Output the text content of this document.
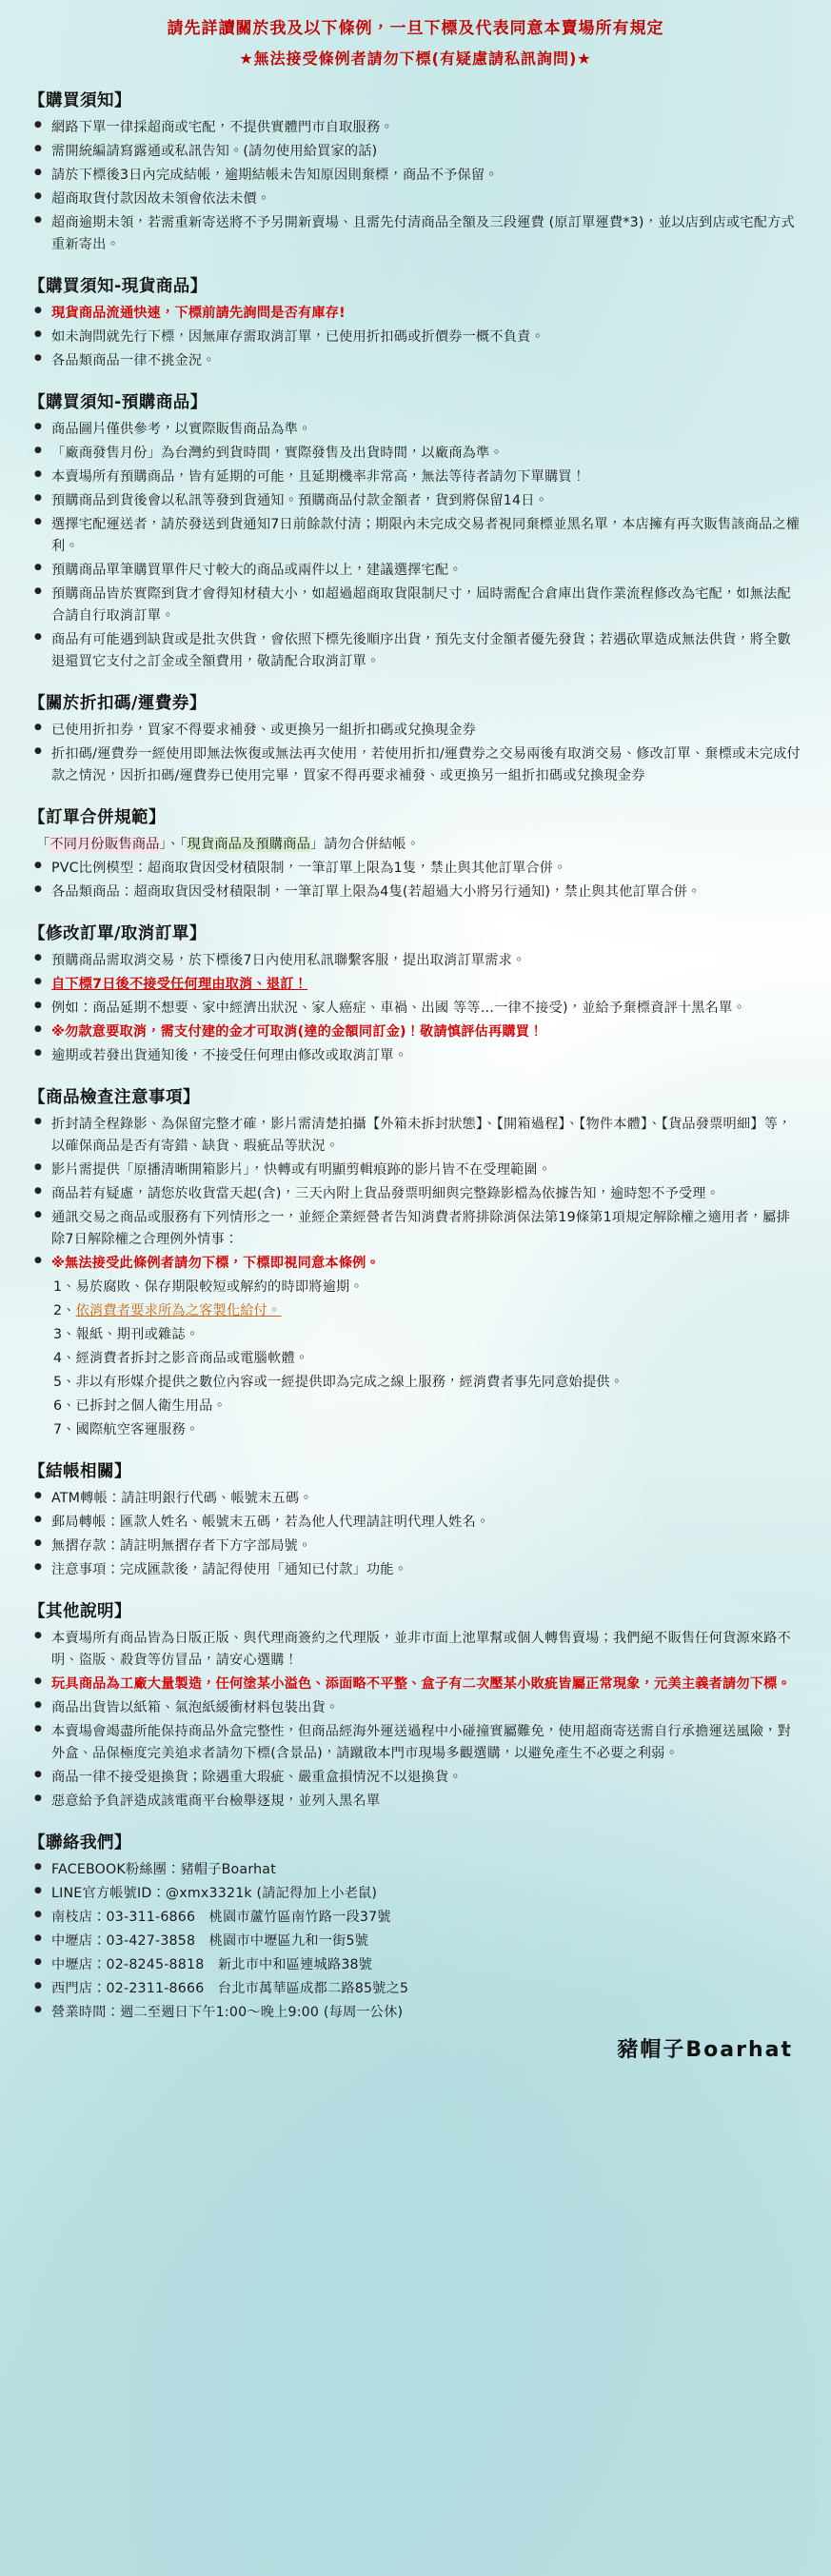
請先詳讀關於我及以下條例，一旦下標及代表同意本賣場所有規定
★無法接受條例者請勿下標(有疑慮請私訊詢問)★
【購買須知】
● 網路下單一律採超商或宅配，不提供實體門市自取服務。
● 需開統編請寫露通或私訊告知。(請勿使用給買家的話)
● 請於下標後3日內完成結帳，逾期結帳未告知原因則棄標，商品不予保留。
● 超商取貨付款因故未領會依法未價。
● 超商逾期未領，若需重新寄送將不予另開新賣場、且需先付清商品全額及三段運費 (原訂單運費*3)，並以店到店或宅配方式重新寄出。
【購買須知-現貨商品】
● 現貨商品流通快速，下標前請先詢問是否有庫存!
● 如未詢問就先行下標，因無庫存需取消訂單，已使用折扣碼或折價券一概不負責。
● 各品類商品一律不挑金況。
【購買須知-預購商品】
● 商品圖片僅供參考，以實際販售商品為準。
● 「廠商發售月份」為台灣約到貨時間，實際發售及出貨時間，以廠商為準。
● 本賣場所有預購商品，皆有延期的可能，且延期機率非常高，無法等待者請勿下單購買！
● 預購商品到貨後會以私訊等發到貨通知。預購商品付款金額者，貨到將保留14日。
● 選擇宅配運送者，請於發送到貨通知7日前餘款付清；期限內未完成交易者視同棄標並黑名單，本店擁有再次販售該商品之權利。
● 預購商品單筆購買單件尺寸較大的商品或兩件以上，建議選擇宅配。
● 預購商品皆於實際到貨才會得知材積大小，如超過超商取貨限制尺寸，屆時需配合倉庫出貨作業流程修改為宅配，如無法配合請自行取消訂單。
● 商品有可能遇到缺貨或是批次供貨，會依照下標先後順序出貨，預先支付金額者優先發貨；若遇砍單造成無法供貨，將全數退還買它支付之訂金或全額費用，敬請配合取消訂單。
【關於折扣碼/運費券】
● 已使用折扣券，買家不得要求補發、或更換另一組折扣碼或兌換現金券
● 折扣碼/運費券一經使用即無法恢復或無法再次使用，若使用折扣/運費券之交易兩後有取消交易、修改訂單、棄標或未完成付款之情況，因折扣碼/運費券已使用完畢，買家不得再要求補發、或更換另一組折扣碼或兌換現金券
【訂單合併規範】
「不同月份販售商品」、「現貨商品及預購商品」請勿合併結帳。
● PVC比例模型：超商取貨因受材積限制，一筆訂單上限為1隻，禁止與其他訂單合併。
● 各品類商品：超商取貨因受材積限制，一筆訂單上限為4隻(若超過大小將另行通知)，禁止與其他訂單合併。
【修改訂單/取消訂單】
● 預購商品需取消交易，於下標後7日內使用私訊聯繫客服，提出取消訂單需求。
● 自下標7日後不接受任何理由取消、退訂！
● 例如：商品延期不想要、家中經濟出狀況、家人癌症、車禍、出國 等等…一律不接受)，並給予棄標資評十黑名單。
● ※勿款意要取消，需支付建的金才可取消(達的金額同訂金)！敬請慎評估再購買！
● 逾期或若發出貨通知後，不接受任何理由修改或取消訂單。
【商品檢查注意事項】
● 折封請全程錄影、為保留完整才確，影片需清楚拍攝【外箱未拆封狀態】、【開箱過程】、【物件本體】、【貨品發票明細】等，以確保商品是否有寄錯、缺貨、瑕疵品等狀況。
● 影片需提供「原播清晰開箱影片」，快轉或有明顯剪輯痕跡的影片皆不在受理範圍。
● 商品若有疑慮，請您於收貨當天起(含)，三天內附上貨品發票明細與完整錄影檔為依據告知，逾時恕不予受理。
● 通訊交易之商品或服務有下列情形之一，並經企業經營者告知消費者將排除消保法第19條第1項規定解除權之適用者，屬排除7日解除權之合理例外情事：
● ※無法接受此條例者請勿下標，下標即視同意本條例。
1、易於腐敗、保存期限較短或解約的時即將逾期。
2、依消費者要求所為之客製化給付。
3、報紙、期刊或雜誌。
4、經消費者拆封之影音商品或電腦軟體。
5、非以有形媒介提供之數位內容或一經提供即為完成之線上服務，經消費者事先同意始提供。
6、已拆封之個人衛生用品。
7、國際航空客運服務。
【結帳相關】
● ATM轉帳：請註明銀行代碼、帳號末五碼。
● 郵局轉帳：匯款人姓名、帳號末五碼，若為他人代理請註明代理人姓名。
● 無摺存款：請註明無摺存者下方字部局號。
● 注意事項：完成匯款後，請記得使用「通知已付款」功能。
【其他說明】
● 本賣場所有商品皆為日版正版、與代理商簽約之代理版，並非市面上池單幫或個人轉售賣場；我們絕不販售任何貨源來路不明、盜版、殺貨等仿冒品，請安心選購！
● 玩具商品為工廠大量製造，任何塗某小溢色、添面略不平整、盒子有二次壓某小敗疵皆屬正常現象，元美主義者請勿下標。
● 商品出貨皆以紙箱、氣泡紙緩衝材料包裝出貨。
● 本賣場會竭盡所能保持商品外盒完整性，但商品經海外運送過程中小碰撞實屬難免，使用超商寄送需自行承擔運送風險，對外盒、品保極度完美追求者請勿下標(含景品)，請蹴啟本門市現場多觀選購，以避免產生不必要之利弱。
● 商品一律不接受退換貨；除遇重大瑕疵、嚴重盒損情況不以退換貨。
● 惡意給予負評造成該電商平台檢舉逐規，並列入黑名單
【聯絡我們】
● FACEBOOK粉絲團：豬帽子Boarhat
● LINE官方帳號ID：@xmx3321k (請記得加上小老鼠)
● 南枝店：03-311-6866　桃園市蘆竹區南竹路一段37號
● 中壢店：03-427-3858　桃園市中壢區九和一街5號
● 中壢店：02-8245-8818　新北市中和區連城路38號
● 西門店：02-2311-8666　台北市萬華區成都二路85號之5
● 營業時間：週二至週日下午1:00～晚上9:00 (每周一公休)
豬帽子Boarhat
